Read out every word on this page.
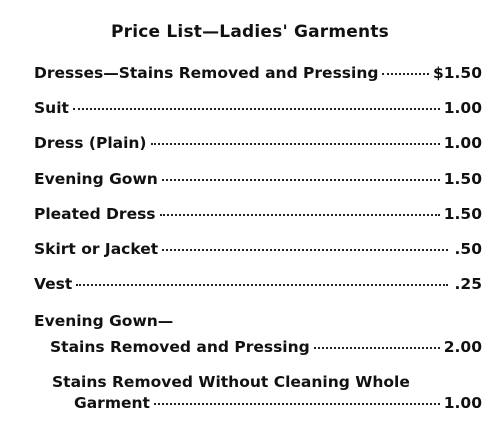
Price List—Ladies' Garments
Dresses—Stains Removed and Pressing	$1.50
Suit	1.00
Dress (Plain)	1.00
Evening Gown	1.50
Pleated Dress	1.50
Skirt or Jacket	.50
Vest	.25
Evening Gown—
Stains Removed and Pressing	2.00
Stains Removed Without Cleaning Whole
Garment	1.00
